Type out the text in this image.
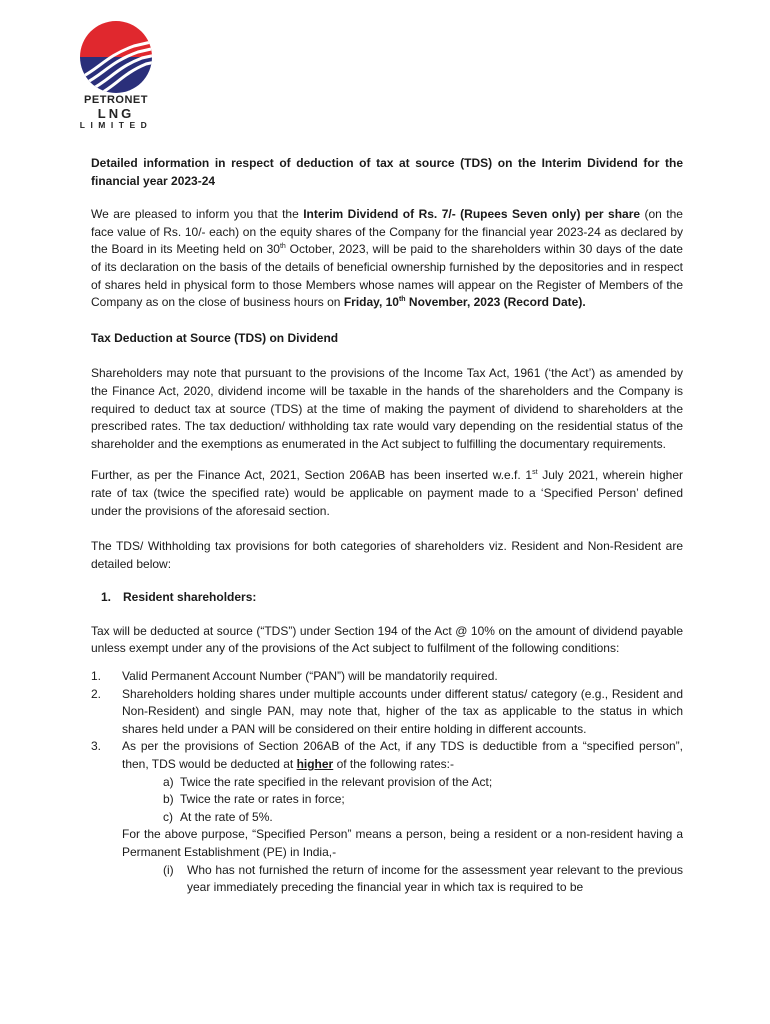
PETRONET
LNG
LIMITED

Detailed information in respect of deduction of tax at source (TDS) on the Interim Dividend for the financial year 2023-24

We are pleased to inform you that the Interim Dividend of Rs. 7/- (Rupees Seven only) per share (on the face value of Rs. 10/- each) on the equity shares of the Company for the financial year 2023-24 as declared by the Board in its Meeting held on 30th October, 2023, will be paid to the shareholders within 30 days of the date of its declaration on the basis of the details of beneficial ownership furnished by the depositories and in respect of shares held in physical form to those Members whose names will appear on the Register of Members of the Company as on the close of business hours on Friday, 10th November, 2023 (Record Date).

Tax Deduction at Source (TDS) on Dividend

Shareholders may note that pursuant to the provisions of the Income Tax Act, 1961 (‘the Act’) as amended by the Finance Act, 2020, dividend income will be taxable in the hands of the shareholders and the Company is required to deduct tax at source (TDS) at the time of making the payment of dividend to shareholders at the prescribed rates. The tax deduction/ withholding tax rate would vary depending on the residential status of the shareholder and the exemptions as enumerated in the Act subject to fulfilling the documentary requirements.

Further, as per the Finance Act, 2021, Section 206AB has been inserted w.e.f. 1st July 2021, wherein higher rate of tax (twice the specified rate) would be applicable on payment made to a ‘Specified Person’ defined under the provisions of the aforesaid section.

The TDS/ Withholding tax provisions for both categories of shareholders viz. Resident and Non-Resident are detailed below:

1. Resident shareholders:

Tax will be deducted at source (“TDS”) under Section 194 of the Act @ 10% on the amount of dividend payable unless exempt under any of the provisions of the Act subject to fulfilment of the following conditions:

1. Valid Permanent Account Number (“PAN”) will be mandatorily required.
2. Shareholders holding shares under multiple accounts under different status/ category (e.g., Resident and Non-Resident) and single PAN, may note that, higher of the tax as applicable to the status in which shares held under a PAN will be considered on their entire holding in different accounts.
3. As per the provisions of Section 206AB of the Act, if any TDS is deductible from a “specified person”, then, TDS would be deducted at higher of the following rates:-
a) Twice the rate specified in the relevant provision of the Act;
b) Twice the rate or rates in force;
c) At the rate of 5%.
For the above purpose, “Specified Person” means a person, being a resident or a non-resident having a Permanent Establishment (PE) in India,-
(i) Who has not furnished the return of income for the assessment year relevant to the previous year immediately preceding the financial year in which tax is required to be
